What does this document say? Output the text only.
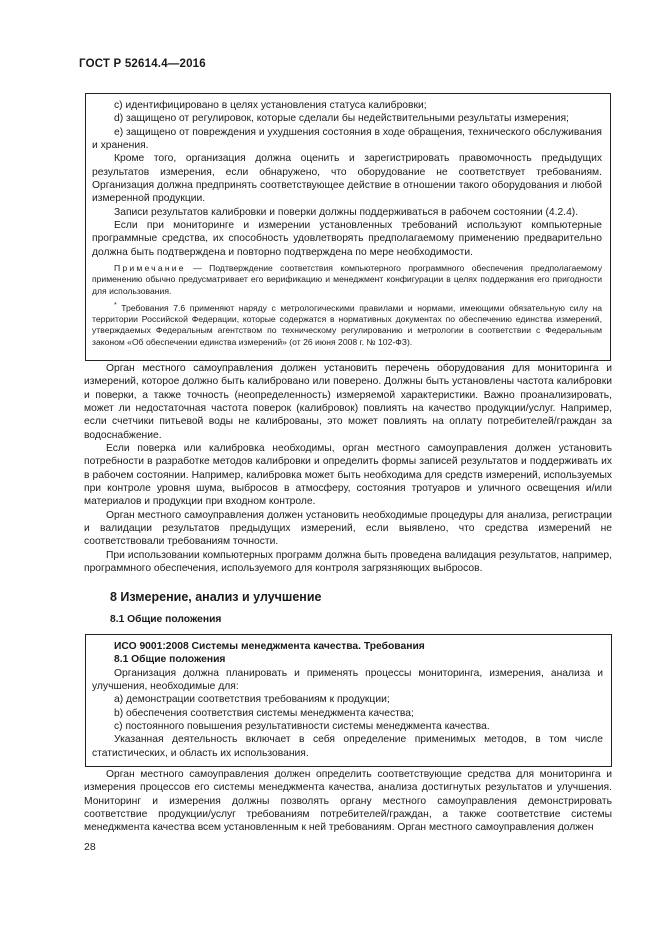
ГОСТ Р 52614.4—2016

c) идентифицировано в целях установления статуса калибровки;

d) защищено от регулировок, которые сделали бы недействительными результаты измерения;

e) защищено от повреждения и ухудшения состояния в ходе обращения, технического обслуживания и хранения.

Кроме того, организация должна оценить и зарегистрировать правомочность предыдущих результатов измерения, если обнаружено, что оборудование не соответствует требованиям. Организация должна предпринять соответствующее действие в отношении такого оборудования и любой измеренной продукции.

Записи результатов калибровки и поверки должны поддерживаться в рабочем состоянии (4.2.4).

Если при мониторинге и измерении установленных требований используют компьютерные программные средства, их способность удовлетворять предполагаемому применению предварительно должна быть подтверждена и повторно подтверждена по мере необходимости.

Примечание — Подтверждение соответствия компьютерного программного обеспечения предполагаемому применению обычно предусматривает его верификацию и менеджмент конфигурации в целях поддержания его пригодности для использования.

* Требования 7.6 применяют наряду с метрологическими правилами и нормами, имеющими обязательную силу на территории Российской Федерации, которые содержатся в нормативных документах по обеспечению единства измерений, утверждаемых Федеральным агентством по техническому регулированию и метрологии в соответствии с Федеральным законом «Об обеспечении единства измерений» (от 26 июня 2008 г. № 102-ФЗ).

Орган местного самоуправления должен установить перечень оборудования для мониторинга и измерений, которое должно быть калибровано или поверено. Должны быть установлены частота калибровки и поверки, а также точность (неопределенность) измеряемой характеристики. Важно проанализировать, может ли недостаточная частота поверок (калибровок) повлиять на качество продукции/услуг. Например, если счетчики питьевой воды не калиброваны, это может повлиять на оплату потребителей/граждан за водоснабжение.

Если поверка или калибровка необходимы, орган местного самоуправления должен установить потребности в разработке методов калибровки и определить формы записей результатов и поддерживать их в рабочем состоянии. Например, калибровка может быть необходима для средств измерений, используемых при контроле уровня шума, выбросов в атмосферу, состояния тротуаров и уличного освещения и/или материалов и продукции при входном контроле.

Орган местного самоуправления должен установить необходимые процедуры для анализа, регистрации и валидации результатов предыдущих измерений, если выявлено, что средства измерений не соответствовали требованиям точности.

При использовании компьютерных программ должна быть проведена валидация результатов, например, программного обеспечения, используемого для контроля загрязняющих выбросов.

8 Измерение, анализ и улучшение
8.1 Общие положения

ИСО 9001:2008 Системы менеджмента качества. Требования

8.1 Общие положения

Организация должна планировать и применять процессы мониторинга, измерения, анализа и улучшения, необходимые для:

a) демонстрации соответствия требованиям к продукции;

b) обеспечения соответствия системы менеджмента качества;

c) постоянного повышения результативности системы менеджмента качества.

Указанная деятельность включает в себя определение применимых методов, в том числе статистических, и область их использования.

Орган местного самоуправления должен определить соответствующие средства для мониторинга и измерения процессов его системы менеджмента качества, анализа достигнутых результатов и улучшения. Мониторинг и измерения должны позволять органу местного самоуправления демонстрировать соответствие продукции/услуг требованиям потребителей/граждан, а также соответствие системы менеджмента качества всем установленным к ней требованиям. Орган местного самоуправления должен

28
